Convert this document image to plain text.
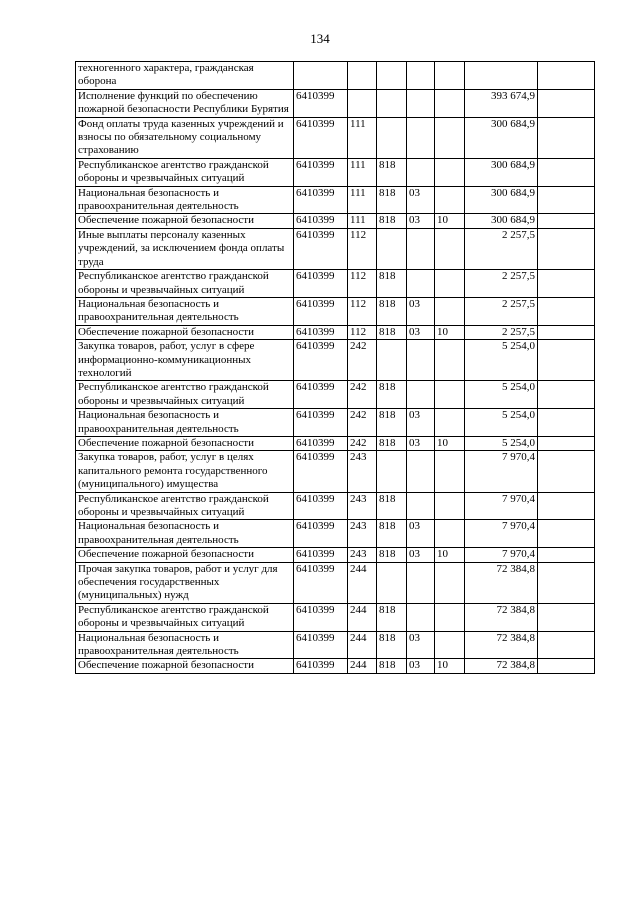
134
техногенного характера, гражданская оборона							
Исполнение функций по обеспечению пожарной безопасности Республики Бурятия	6410399					393 674,9	
Фонд оплаты труда казенных учреждений и взносы по обязательному социальному страхованию	6410399	111				300 684,9	
Республиканское агентство гражданской обороны и чрезвычайных ситуаций	6410399	111	818			300 684,9	
Национальная безопасность и правоохранительная деятельность	6410399	111	818	03		300 684,9	
Обеспечение пожарной безопасности	6410399	111	818	03	10	300 684,9	
Иные выплаты персоналу казенных учреждений, за исключением фонда оплаты труда	6410399	112				2 257,5	
Республиканское агентство гражданской обороны и чрезвычайных ситуаций	6410399	112	818			2 257,5	
Национальная безопасность и правоохранительная деятельность	6410399	112	818	03		2 257,5	
Обеспечение пожарной безопасности	6410399	112	818	03	10	2 257,5	
Закупка товаров, работ, услуг в сфере информационно-коммуникационных технологий	6410399	242				5 254,0	
Республиканское агентство гражданской обороны и чрезвычайных ситуаций	6410399	242	818			5 254,0	
Национальная безопасность и правоохранительная деятельность	6410399	242	818	03		5 254,0	
Обеспечение пожарной безопасности	6410399	242	818	03	10	5 254,0	
Закупка товаров, работ, услуг в целях капитального ремонта государственного (муниципального) имущества	6410399	243				7 970,4	
Республиканское агентство гражданской обороны и чрезвычайных ситуаций	6410399	243	818			7 970,4	
Национальная безопасность и правоохранительная деятельность	6410399	243	818	03		7 970,4	
Обеспечение пожарной безопасности	6410399	243	818	03	10	7 970,4	
Прочая закупка товаров, работ и услуг для обеспечения государственных (муниципальных) нужд	6410399	244				72 384,8	
Республиканское агентство гражданской обороны и чрезвычайных ситуаций	6410399	244	818			72 384,8	
Национальная безопасность и правоохранительная деятельность	6410399	244	818	03		72 384,8	
Обеспечение пожарной безопасности	6410399	244	818	03	10	72 384,8	
